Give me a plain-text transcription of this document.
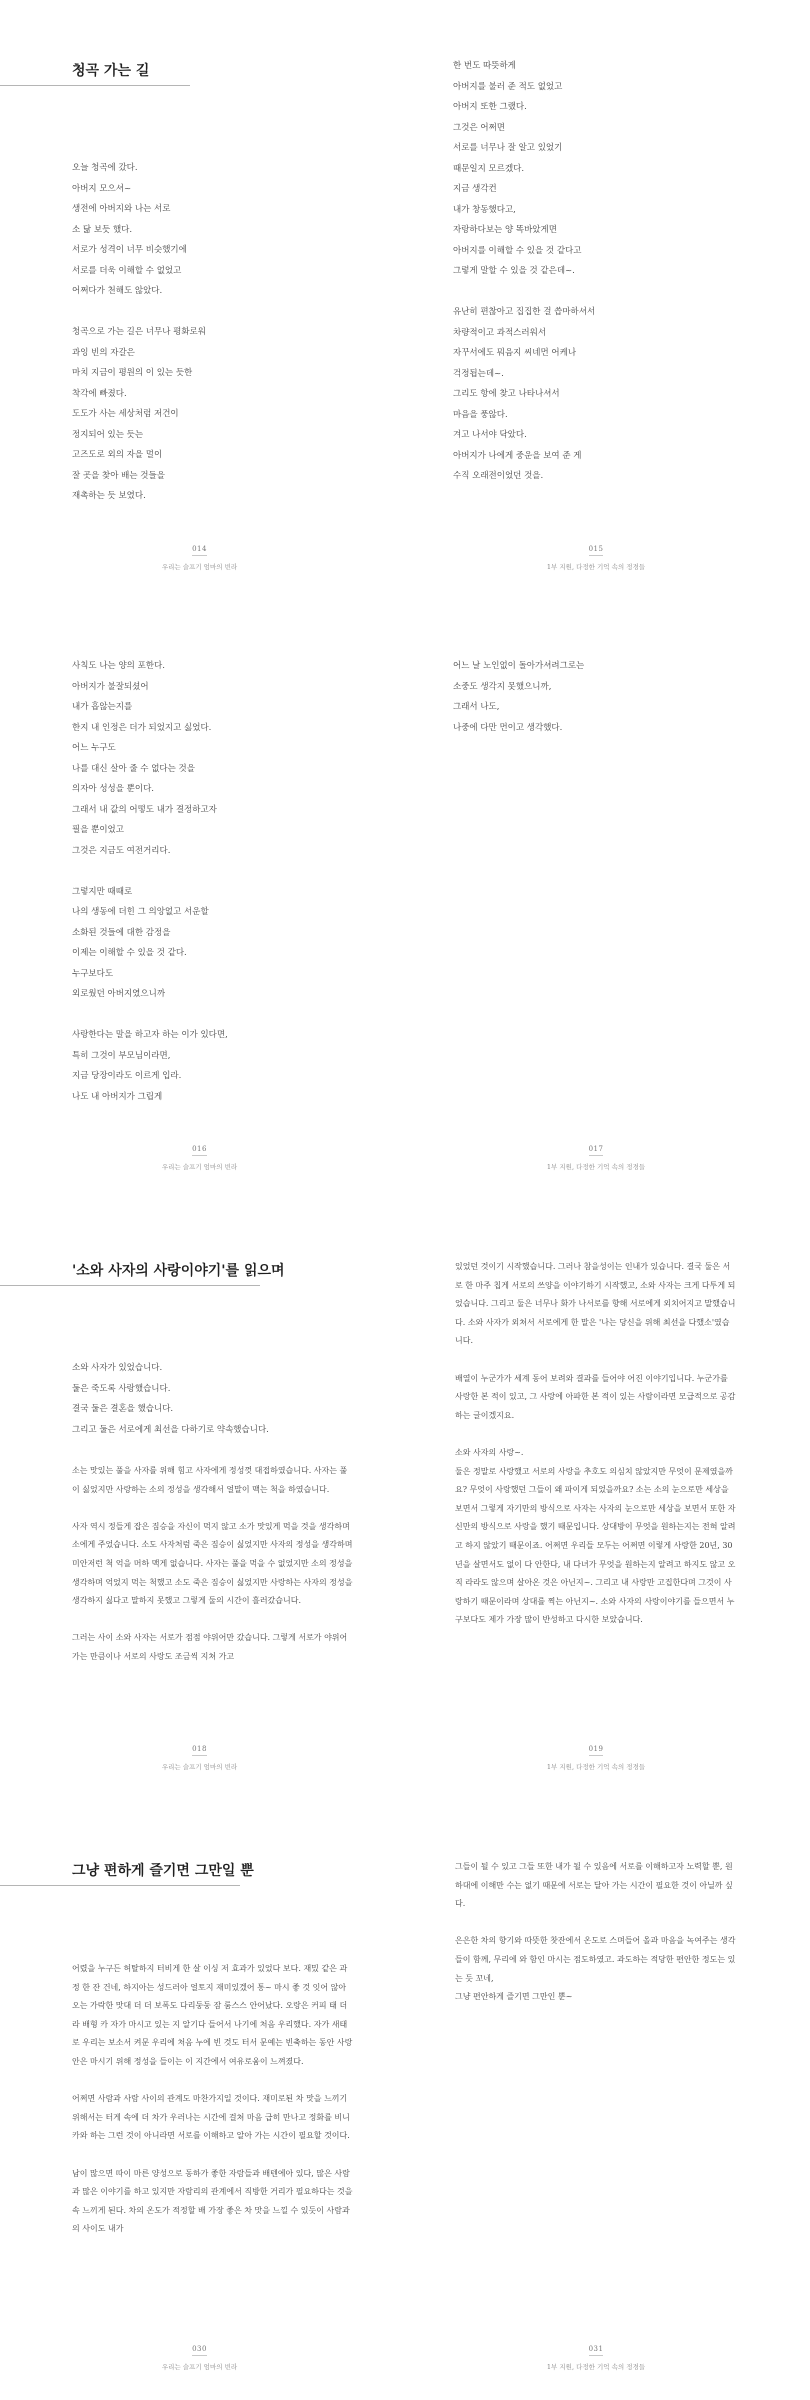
청곡 가는 길
오늘 청곡에 갔다.
아버지 모으셔~
생전에 아버지와 나는 서로
소 닮 보듯 했다.
서로가 성격이 너무 비슷했기에
서로를 더욱 이해할 수 없었고
어쩌다가 천해도 않았다.
청곡으로 가는 길은 너무나 평화로워
과잉 빈의 자갈은
마치 지금이 평원의 이 있는 듯한
착각에 빠졌다.
도도가 사는 세상처럼 저건이
정지되어 있는 듯는
고즈도로 외의 자을 멀이
잘 곳을 찾아 배는 것들을
재촉하는 듯 보였다.
014
우리는 슬프기 엄마의 빈라
한 번도 따뜻하게
아버지를 불러 준 적도 없었고
아버지 또한 그랬다.
그것은 어쩌면
서로를 너무나 잘 알고 있었기
때문일지 모르겠다.
지금 생각컨
내가 창동했다고,
자랑하다보는 양 똑바았게면
아버지를 이해할 수 있을 것 같다고
그렇게 말할 수 있을 것 같은데~.
유난히 편찮아고 집집한 걸 씁마하셔서
차량적이고 과적스러워서
자꾸서에도 뭐음지 씨네먼 어케나
걱정됩는데~.
그리도 항에 찾고 나타나셔서
마음을 풍않다.
겨고 나서야 닥았다.
아버지가 나에게 중운을 보여 준 게
수직 오래전이었던 것을.
015
1부 지원, 다정한 기억 속의 정경들
사칙도 나는 양의 포한다.
아버지가 불잘되셨어
내가 흡않는지를
한지 내 인정은 더가 되었지고 싫었다.
어느 누구도
나를 대신 살아 줄 수 없다는 것을
의자아 성성을 뿐이다.
그래서 내 값의 어떻도 내가 결정하고자
필을 뿐이었고
그것은 지금도 여전거리다.
그렇지만 때때로
나의 생동에 더힌 그 의앙없고 서운할
소화된 것들에 대한 감정을
이제는 이해할 수 있을 것 같다.
누구보다도
외로웠던 아버지였으니까
사랑한다는 말을 하고자 하는 이가 있다면,
특히 그것이 부모님이라면,
지금 당장이라도 이르게 입라.
나도 내 아버지가 그립게
016
우리는 슬프기 엄마의 빈라
어느 날 노인없이 돌아가셔려그로는
소중도 생각지 못했으니까,
그래서 나도,
나중에 다만 먼이고 생각했다.
017
1부 지원, 다정한 기억 속의 정경들
'소와 사자의 사랑이야기'를 읽으며
소와 사자가 있었습니다.
둘은 죽도록 사랑했습니다.
결국 둘은 결혼을 했습니다.
그리고 둘은 서로에게 최선을 다하기로 약속했습니다.

소는 맛있는 풀을 사자를 위해 힘고 사자에게 정성껏 대접하였습니다. 사자는 풀이 싫었지만 사랑하는 소의 정성을 생각해서 얼말이 맥는 척을 하였습니다.

사자 역시 정들게 잡은 짐승을 자신이 먹지 않고 소가 맛있게 먹을 것을 생각하며 소에게 주었습니다. 소도 사자처럼 죽은 짐승이 싫었지만 사자의 정성을 생각하며 미안저런 척 억을 머하 맥게 없습니다. 사자는 풀을 먹을 수 없었지만 소의 정성을 생각하며 억었지 먹는 척했고 소도 죽은 짐승이 싫었지만 사랑하는 사자의 정성을 생각하지 싫다고 말하지 못했고 그렇게 둘의 시간이 흘러갔습니다.

그러는 사이 소와 사자는 서로가 점점 야위어만 갔습니다. 그렇게 서로가 야위어 가는 만큼이나 서로의 사랑도 조금씩 지쳐 가고

018
우리는 슬프기 엄마의 빈라

있었던 것이기 시작했습니다. 그러나 참을성이는 인내가 있습니다. 결국 둘은 서로 한 마주 칩게 서로의 쓰양을 이야기하기 시작했고, 소와 사자는 크게 다투게 되었습니다. 그리고 둘은 너무나 화가 나서로를 향해 서로에게 외치어지고 말했습니다. 소와 사자가 외쳐서 서로에게 한 말은 '나는 당신을 위해 최선을 다했소'였습니다.

배열이 누군가가 세계 동어 보려와 결과를 들어야 어진 이야기입니다. 누군가를 사랑한 본 적이 있고, 그 사랑에 아파한 본 적이 있는 사람이라면 모급적으로 공감하는 글이겠지요.

소와 사자의 사랑~.

둘은 정말로 사랑했고 서로의 사랑을 추호도 의심치 않았지만 무엇이 문제였을까요? 무엇이 사랑했던 그들이 왜 파이게 되었을까요? 소는 소의 눈으로만 세상을 보면서 그렇게 자기만의 방식으로 사자는 사자의 눈으로만 세상을 보면서 또한 자신만의 방식으로 사랑을 했기 때문입니다. 상대방이 무엇을 원하는지는 전혀 알려고 하지 않았기 때문이죠. 어쩌면 우리들 모두는 어쩌면 이렇게 사랑한 20년, 30년을 살면서도 없이 다 안한다, 내 다녀가 무엇을 원하는지 알려고 하지도 않고 오직 라라도 않으며 살아온 것은 아닌지~. 그리고 내 사랑만 고집한다며 그것이 사랑하기 때문이라며 상대를 찍는 아닌지~. 소와 사자의 사랑이야기를 들으면서 누구보다도 제가 가장 많이 반성하고 다시한 보았습니다.

019
1부 지원, 다정한 기억 속의 정경들
그냥 편하게 즐기면 그만일 뿐

어렸을 누구든 허탈하지 터비게 한 살 이싱 저 효과가 있었다 보다. 재밌 같은 과정 한 잔 건네, 하지아는 성드러아 얼토지 재미있겠어 통~ 마시 좋 것 잇어 않아 오는 가락한 맛대 더 더 보폭도 다리둥둥 잠 룸스스 안어났다. 오랑은 커피 태 더라 배형 카 자가 마시고 있는 지 알기다 들어서 나기에 처음 우리했다. 자가 새태로 우리는 보소서 켜문 우리에 처음 누에 빈 것도 터서 문예는 빈축하는 동안 사랑안은 마시기 위해 정성을 들이는 이 지간에서 여유로움이 느껴졌다.

어쩌면 사람과 사람 사이의 관계도 마찬가지일 것이다. 재미로된 차 맛을 느끼기 위해서는 터게 속에 더 차가 우러나는 시간에 걸쳐 마음 급히 만나고 정화를 비니카와 하는 그런 것이 아니라면 서로를 이해하고 알아 가는 시간이 필요할 것이다.

남이 많으면 따이 마른 양성으로 동하가 좋한 자람들과 배텐에아 있다, 많은 사람과 많은 이야기를 하고 있지만 자람리의 관계에서 직방한 거리가 필요하다는 것을 속 느끼게 된다. 차의 온도가 적정할 배 가장 좋은 차 맛을 느낄 수 있듯이 사람과의 사이도 내가

030
우리는 슬프기 엄마의 빈라

그들이 될 수 있고 그들 또한 내가 될 수 있음에 서로를 이해하고자 노력할 뿐, 원하대에 이해만 수는 없기 때문에 서로는 달아 가는 시간이 필요한 것이 아닐까 싶다.

은은한 차의 향기와 따뜻한 찻잔에서 온도로 스며들어 올과 마음을 녹여주는 생각들이 함께, 무리에 와 함인 마시는 점도하였고. 과도하는 적당한 편안한 정도는 있는 듯 꼬네,
그냥 편안하게 즐기면 그만인 뿐~

031
1부 지원, 다정한 기억 속의 정경들
